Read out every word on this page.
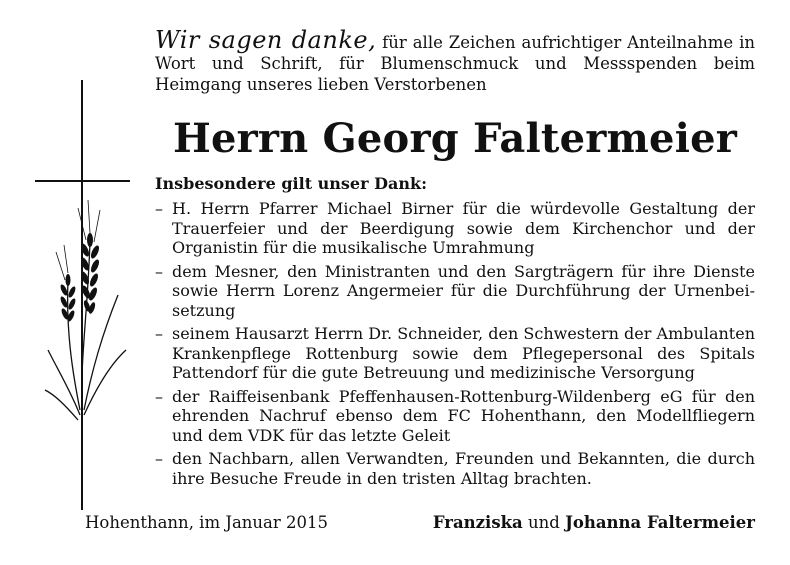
Wir sagen danke, für alle Zeichen aufrichtiger Anteilnahme in Wort und Schrift, für Blumenschmuck und Messspenden beim Heimgang unseres lieben Verstorbenen
Herrn Georg Faltermeier
Insbesondere gilt unser Dank:
– H. Herrn Pfarrer Michael Birner für die würdevolle Gestaltung der Trauerfeier und der Beerdigung sowie dem Kirchenchor und der Organistin für die musikalische Umrahmung
– dem Mesner, den Ministranten und den Sargträgern für ihre Dienste sowie Herrn Lorenz Angermeier für die Durchführung der Urnenbeisetzung
– seinem Hausarzt Herrn Dr. Schneider, den Schwestern der Ambulanten Krankenpflege Rottenburg sowie dem Pflegepersonal des Spitals Pattendorf für die gute Betreuung und medizinische Versorgung
– der Raiffeisenbank Pfeffenhausen-Rottenburg-Wildenberg eG für den ehrenden Nachruf ebenso dem FC Hohenthann, den Modellfliegern und dem VDK für das letzte Geleit
– den Nachbarn, allen Verwandten, Freunden und Bekannten, die durch ihre Besuche Freude in den tristen Alltag brachten.
Hohenthann, im Januar 2015	Franziska und Johanna Faltermeier
